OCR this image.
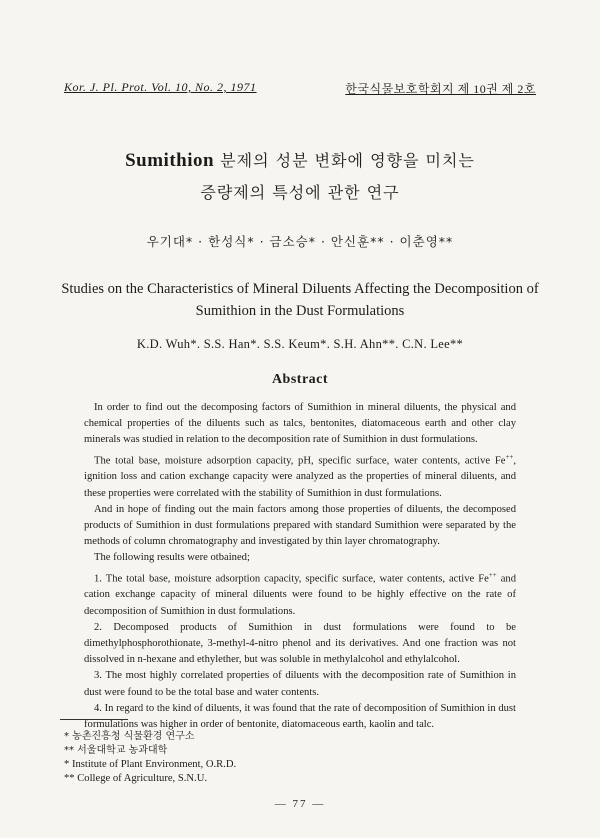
Kor. J. Pl. Prot. Vol. 10, No. 2, 1971	한국식물보호학회지 제 10권 제 2호
Sumithion 분제의 성분 변화에 영향을 미치는
증량제의 특성에 관한 연구
우기대* · 한성식* · 금소승* · 안신훈** · 이춘영**
Studies on the Characteristics of Mineral Diluents Affecting the Decomposition of Sumithion in the Dust Formulations
K.D. Wuh*. S.S. Han*. S.S. Keum*. S.H. Ahn**. C.N. Lee**
Abstract

In order to find out the decomposing factors of Sumithion in mineral diluents, the physical and chemical properties of the diluents such as talcs, bentonites, diatomaceous earth and other clay minerals was studied in relation to the decomposition rate of Sumithion in dust formulations.

The total base, moisture adsorption capacity, pH, specific surface, water contents, active Fe++, ignition loss and cation exchange capacity were analyzed as the properties of mineral diluents, and these properties were correlated with the stability of Sumithion in dust formulations.

And in hope of finding out the main factors among those properties of diluents, the decomposed products of Sumithion in dust formulations prepared with standard Sumithion were separated by the methods of column chromatography and investigated by thin layer chromatography.

The following results were otbained;

1. The total base, moisture adsorption capacity, specific surface, water contents, active Fe++ and cation exchange capacity of mineral diluents were found to be highly effective on the rate of decomposition of Sumithion in dust formulations.

2. Decomposed products of Sumithion in dust formulations were found to be dimethylphosphorothionate, 3-methyl-4-nitro phenol and its derivatives. And one fraction was not dissolved in n-hexane and ethylether, but was soluble in methylalcohol and ethylalcohol.

3. The most highly correlated properties of diluents with the decomposition rate of Sumithion in dust were found to be the total base and water contents.

4. In regard to the kind of diluents, it was found that the rate of decomposition of Sumithion in dust formulations was higher in order of bentonite, diatomaceous earth, kaolin and talc.

* 농촌진흥청 식물환경 연구소
** 서울대학교 농과대학
* Institute of Plant Environment, O.R.D.
** College of Agriculture, S.N.U.
— 77 —
